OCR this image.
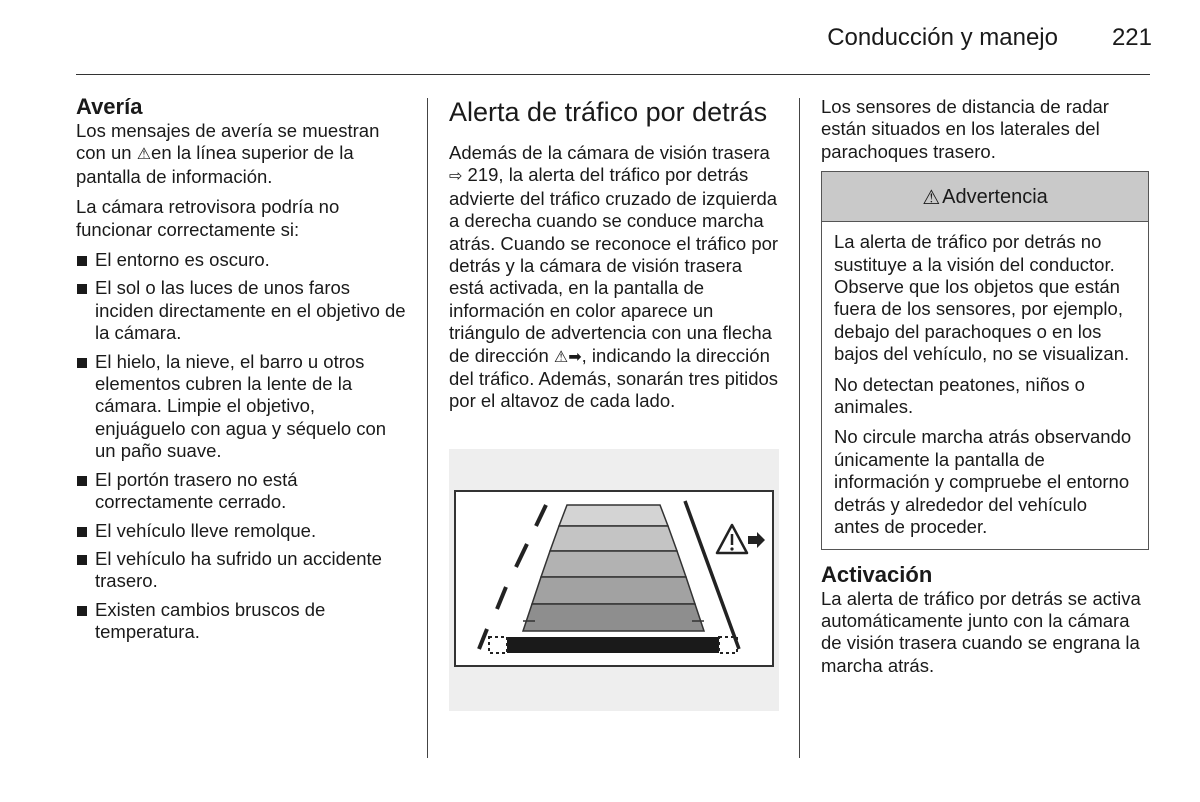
Conducción y manejo	221
Avería

Los mensajes de avería se muestran con un ⚠en la línea superior de la pantalla de información.

La cámara retrovisora podría no funcionar correctamente si:

El entorno es oscuro.
El sol o las luces de unos faros inciden directamente en el objetivo de la cámara.
El hielo, la nieve, el barro u otros elementos cubren la lente de la cámara. Limpie el objetivo, enjuáguelo con agua y séquelo con un paño suave.
El portón trasero no está correctamente cerrado.
El vehículo lleve remolque.
El vehículo ha sufrido un accidente trasero.
Existen cambios bruscos de temperatura.
Alerta de tráfico por detrás

Además de la cámara de visión trasera ⇨ 219, la alerta del tráfico por detrás advierte del tráfico cruzado de izquierda a derecha cuando se conduce marcha atrás. Cuando se reconoce el tráfico por detrás y la cámara de visión trasera está activada, en la pantalla de información en color aparece un triángulo de advertencia con una flecha de dirección ⚠➡, indicando la dirección del tráfico. Además, sonarán tres pitidos por el altavoz de cada lado.

Los sensores de distancia de radar están situados en los laterales del parachoques trasero.

⚠ Advertencia

La alerta de tráfico por detrás no sustituye a la visión del conductor. Observe que los objetos que están fuera de los sensores, por ejemplo, debajo del parachoques o en los bajos del vehículo, no se visualizan.

No detectan peatones, niños o animales.

No circule marcha atrás observando únicamente la pantalla de información y compruebe el entorno detrás y alrededor del vehículo antes de proceder.

Activación

La alerta de tráfico por detrás se activa automáticamente junto con la cámara de visión trasera cuando se engrana la marcha atrás.
